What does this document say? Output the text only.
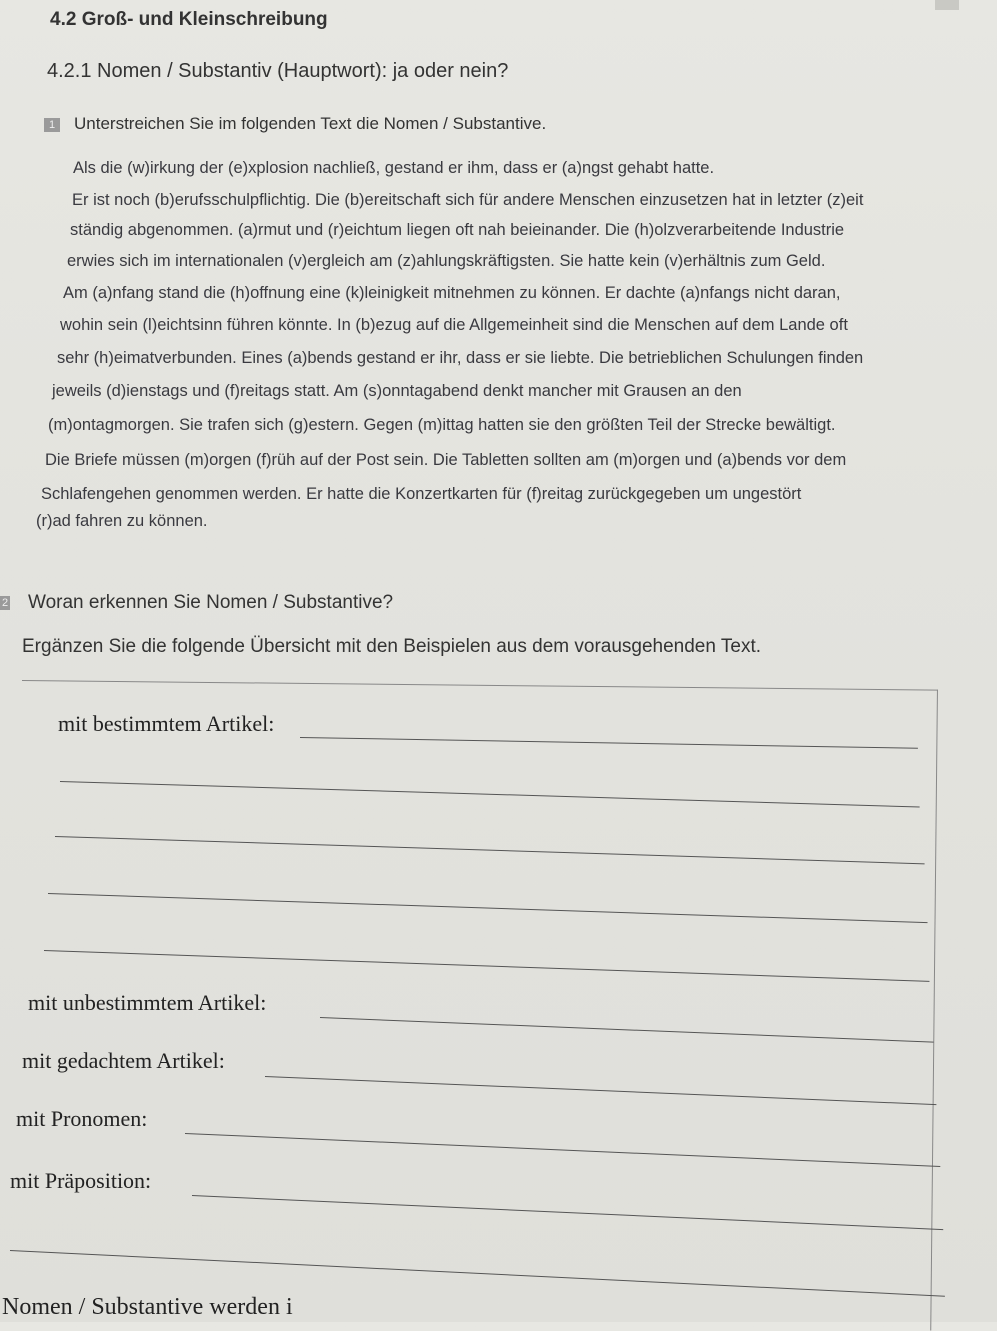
4.2 Groß- und Kleinschreibung
4.2.1 Nomen / Substantiv (Hauptwort): ja oder nein?
1 Unterstreichen Sie im folgenden Text die Nomen / Substantive.
Als die (w)irkung der (e)xplosion nachließ, gestand er ihm, dass er (a)ngst gehabt hatte.
Er ist noch (b)erufsschulpflichtig. Die (b)ereitschaft sich für andere Menschen einzusetzen hat in letzter (z)eit
ständig abgenommen. (a)rmut und (r)eichtum liegen oft nah beieinander. Die (h)olzverarbeitende Industrie
erwies sich im internationalen (v)ergleich am (z)ahlungskräftigsten. Sie hatte kein (v)erhältnis zum Geld.
Am (a)nfang stand die (h)offnung eine (k)leinigkeit mitnehmen zu können. Er dachte (a)nfangs nicht daran,
wohin sein (l)eichtsinn führen könnte. In (b)ezug auf die Allgemeinheit sind die Menschen auf dem Lande oft
sehr (h)eimatverbunden. Eines (a)bends gestand er ihr, dass er sie liebte. Die betrieblichen Schulungen finden
jeweils (d)ienstags und (f)reitags statt. Am (s)onntagabend denkt mancher mit Grausen an den
(m)ontagmorgen. Sie trafen sich (g)estern. Gegen (m)ittag hatten sie den größten Teil der Strecke bewältigt.
Die Briefe müssen (m)orgen (f)rüh auf der Post sein. Die Tabletten sollten am (m)orgen und (a)bends vor dem
Schlafengehen genommen werden. Er hatte die Konzertkarten für (f)reitag zurückgegeben um ungestört
(r)ad fahren zu können.
2 Woran erkennen Sie Nomen / Substantive?
Ergänzen Sie die folgende Übersicht mit den Beispielen aus dem vorausgehenden Text.
mit bestimmtem Artikel:
mit unbestimmtem Artikel:
mit gedachtem Artikel:
mit Pronomen:
mit Präposition:
Nomen / Substantive werden i
